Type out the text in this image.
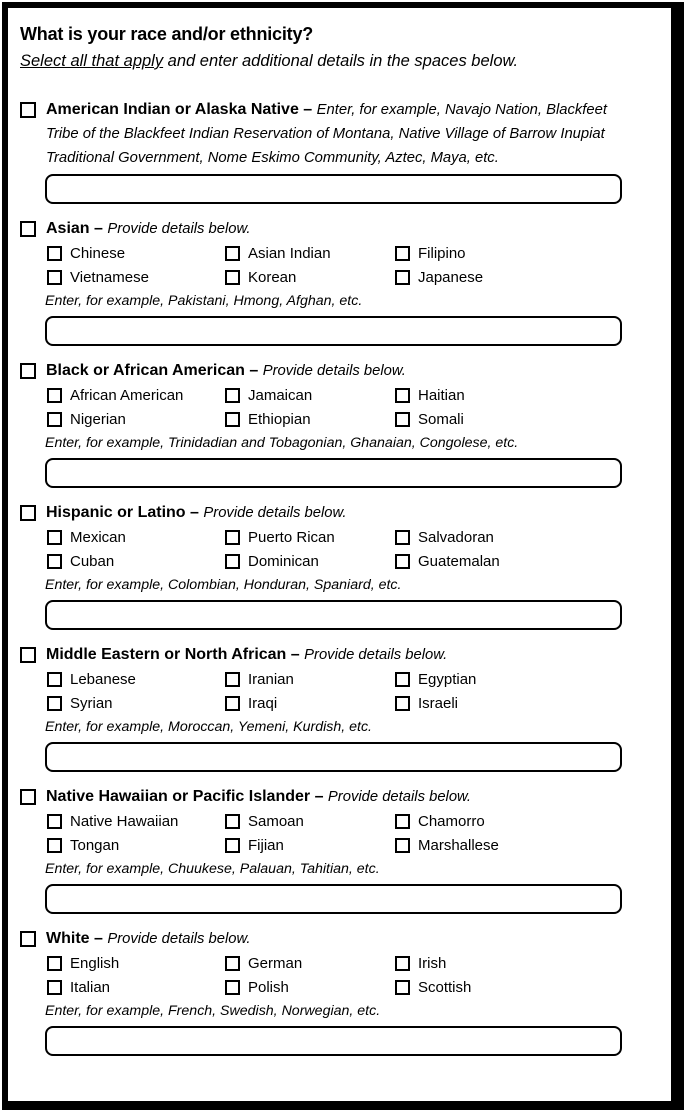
What is your race and/or ethnicity?
Select all that apply and enter additional details in the spaces below.
American Indian or Alaska Native – Enter, for example, Navajo Nation, Blackfeet Tribe of the Blackfeet Indian Reservation of Montana, Native Village of Barrow Inupiat Traditional Government, Nome Eskimo Community, Aztec, Maya, etc.
Asian – Provide details below.
Chinese	Asian Indian	Filipino
Vietnamese	Korean	Japanese
Enter, for example, Pakistani, Hmong, Afghan, etc.
Black or African American – Provide details below.
African American	Jamaican	Haitian
Nigerian	Ethiopian	Somali
Enter, for example, Trinidadian and Tobagonian, Ghanaian, Congolese, etc.
Hispanic or Latino – Provide details below.
Mexican	Puerto Rican	Salvadoran
Cuban	Dominican	Guatemalan
Enter, for example, Colombian, Honduran, Spaniard, etc.
Middle Eastern or North African – Provide details below.
Lebanese	Iranian	Egyptian
Syrian	Iraqi	Israeli
Enter, for example, Moroccan, Yemeni, Kurdish, etc.
Native Hawaiian or Pacific Islander – Provide details below.
Native Hawaiian	Samoan	Chamorro
Tongan	Fijian	Marshallese
Enter, for example, Chuukese, Palauan, Tahitian, etc.
White – Provide details below.
English	German	Irish
Italian	Polish	Scottish
Enter, for example, French, Swedish, Norwegian, etc.
